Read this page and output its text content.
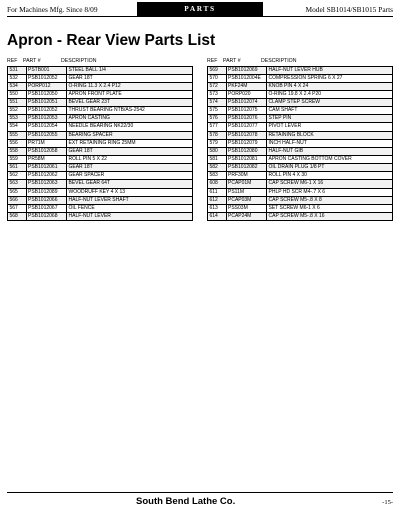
For Machines Mfg. Since 8/09	PARTS	Model SB1014/SB1015 Parts
Apron - Rear View Parts List
REF	PART #	DESCRIPTION
531	PSTB001	STEEL BALL 1/4
532	PSB1012052	GEAR 18T
534	PORP012	O-RING 11.3 X 2.4 P12
550	PSB1012050	APRON FRONT PLATE
551	PSB1012051	BEVEL GEAR 23T
552	PSB1012052	THRUST BEARING NTB/AS-2542
553	PSB1012053	APRON CASTING
554	PSB1012054	NEEDLE BEARING NK22/30
555	PSB1012055	BEARING SPACER
556	PR71M	EXT RETAINING RING 25MM
558	PSB1012058	GEAR 18T
559	PR58M	ROLL PIN 5 X 22
561	PSB1012061	GEAR 18T
562	PSB1012062	GEAR SPACER
563	PSB1012063	BEVEL GEAR 64T
565	PSB1012089	WOODRUFF KEY 4 X 13
566	PSB1012066	HALF-NUT LEVER SHAFT
567	PSB1012067	OIL FENCE
568	PSB1012068	HALF-NUT LEVER
REF	PART #	DESCRIPTION
569	PSB1012069	HALF-NUT LEVER HUB
570	PSB1012004E	COMPRESSION SPRING 6 X 27
572	PKF24M	KNOB PIN 4 X 24
573	PORP020	O-RING 19.8 X 2.4 P20
574	PSB1012074	CLAMP STEP SCREW
575	PSB1012075	CAM SHAFT
576	PSB1012076	STEP PIN
577	PSB1012077	PIVOT LEVER
578	PSB1012078	RETAINING BLOCK
579	PSB1012079	INCH HALF-NUT
580	PSB1012080	HALF-NUT GIB
581	PSB1012081	APRON CASTING BOTTOM COVER
582	PSB1012082	OIL DRAIN PLUG 1/8 PT
583	PRF30M	ROLL PIN 4 X 30
608	PCAP01M	CAP SCREW M6-1 X 16
611	PS11M	PHLP HD SCR M4-.7 X 6
612	PCAP03M	CAP SCREW M5-.8 X 8
613	PSS03M	SET SCREW M6-1 X 6
614	PCAP24M	CAP SCREW M5-.8 X 16
South Bend Lathe Co.	-15-
